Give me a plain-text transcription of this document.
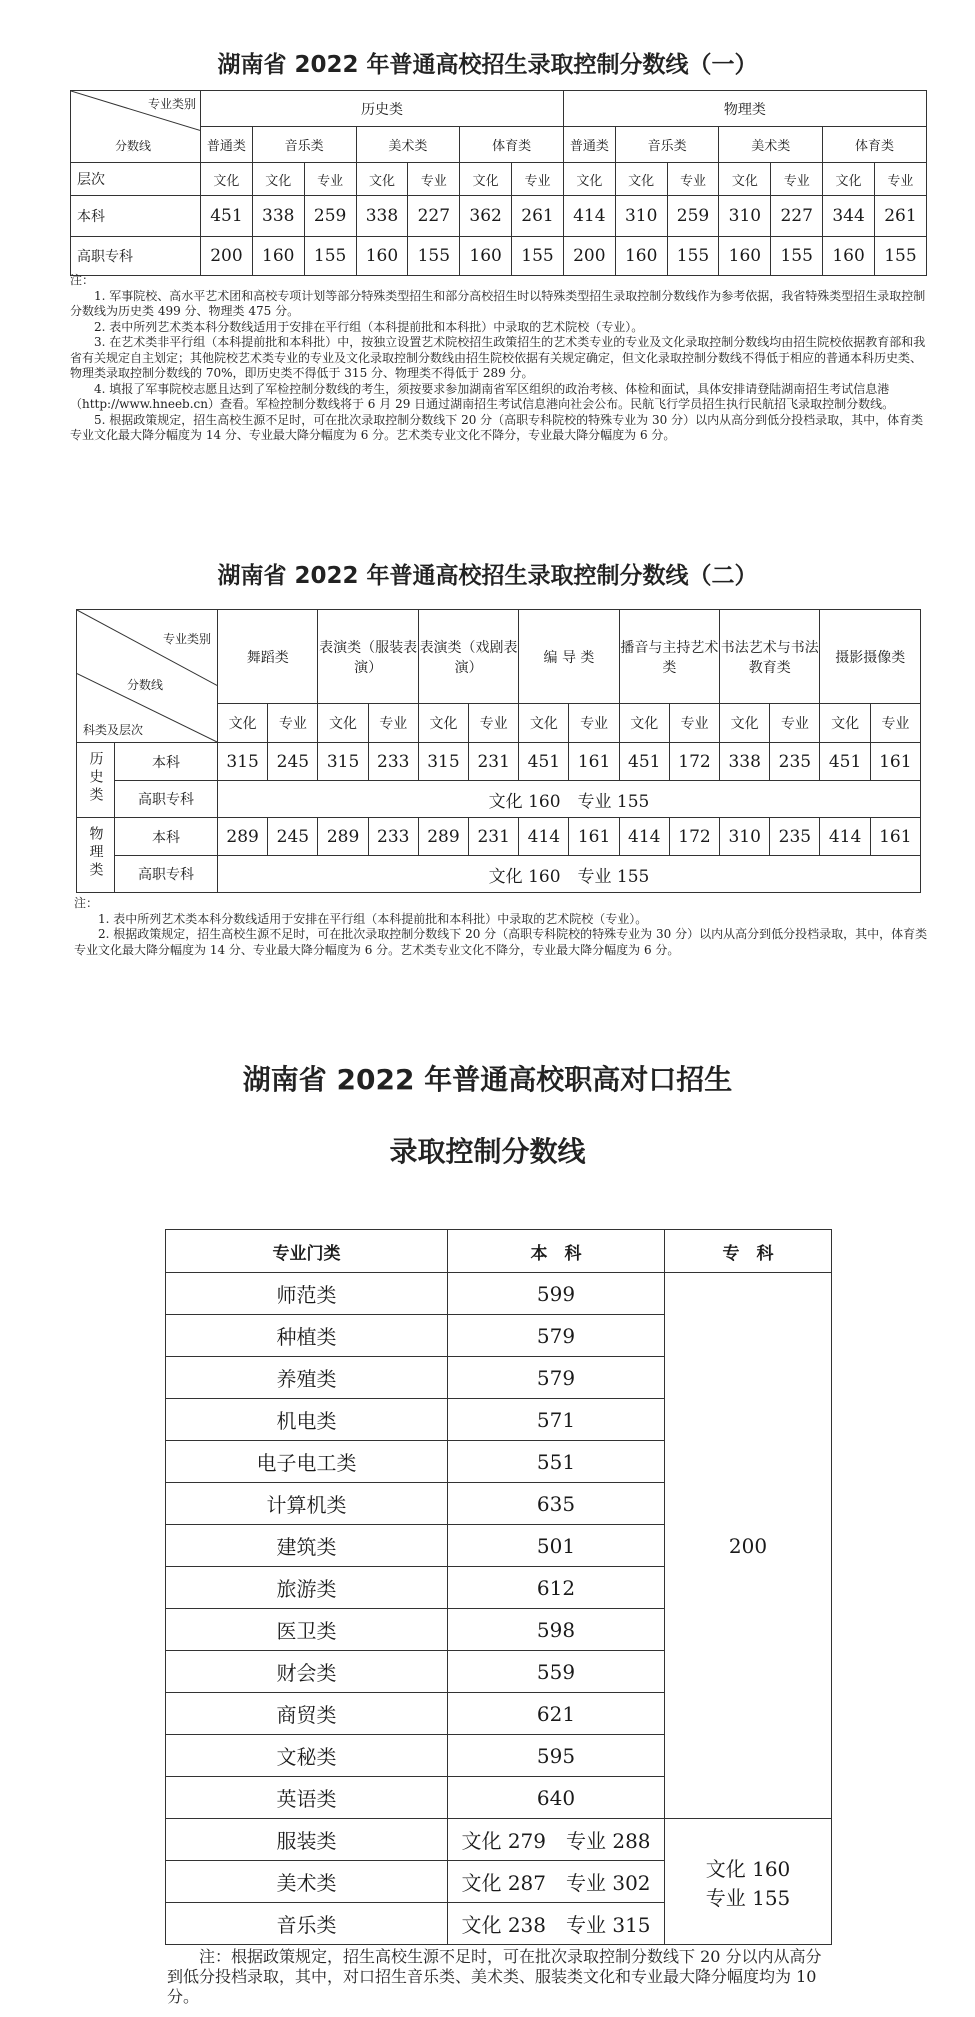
湖南省 2022 年普通高校招生录取控制分数线（一）
专业类别
分数线	历史类							物理类						
	普通类	音乐类		美术类		体育类		普通类	音乐类		美术类		体育类	
层次	文化	文化	专业	文化	专业	文化	专业	文化	文化	专业	文化	专业	文化	专业
本科	451	338	259	338	227	362	261	414	310	259	310	227	344	261
高职专科	200	160	155	160	155	160	155	200	160	155	160	155	160	155

注：

1. 军事院校、高水平艺术团和高校专项计划等部分特殊类型招生和部分高校招生时以特殊类型招生录取控制分数线作为参考依据，我省特殊类型招生录取控制分数线为历史类 499 分、物理类 475 分。

2. 表中所列艺术类本科分数线适用于安排在平行组（本科提前批和本科批）中录取的艺术院校（专业）。

3. 在艺术类非平行组（本科提前批和本科批）中，按独立设置艺术院校招生政策招生的艺术类专业的专业及文化录取控制分数线均由招生院校依据教育部和我省有关规定自主划定；其他院校艺术类专业的专业及文化录取控制分数线由招生院校依据有关规定确定，但文化录取控制分数线不得低于相应的普通本科历史类、物理类录取控制分数线的 70%，即历史类不得低于 315 分、物理类不得低于 289 分。

4. 填报了军事院校志愿且达到了军检控制分数线的考生，须按要求参加湖南省军区组织的政治考核、体检和面试，具体安排请登陆湖南招生考试信息港（http://www.hneeb.cn）查看。军检控制分数线将于 6 月 29 日通过湖南招生考试信息港向社会公布。民航飞行学员招生执行民航招飞录取控制分数线。

5. 根据政策规定，招生高校生源不足时，可在批次录取控制分数线下 20 分（高职专科院校的特殊专业为 30 分）以内从高分到低分投档录取，其中，体育类专业文化最大降分幅度为 14 分、专业最大降分幅度为 6 分。艺术类专业文化不降分，专业最大降分幅度为 6 分。

湖南省 2022 年普通高校招生录取控制分数线（二）
专业类别
分数线
科类及层次		舞蹈类		表演类（服装表演）		表演类（戏剧表演）		编 导 类		播音与主持艺术类		书法艺术与书法教育类		摄影摄像类	
		文化	专业	文化	专业	文化	专业	文化	专业	文化	专业	文化	专业	文化	专业
历史类	本科	315	245	315	233	315	231	451	161	451	172	338	235	451	161
	高职专科	文化 160　专业 155													
物理类	本科	289	245	289	233	289	231	414	161	414	172	310	235	414	161
	高职专科	文化 160　专业 155													

注：

1. 表中所列艺术类本科分数线适用于安排在平行组（本科提前批和本科批）中录取的艺术院校（专业）。

2. 根据政策规定，招生高校生源不足时，可在批次录取控制分数线下 20 分（高职专科院校的特殊专业为 30 分）以内从高分到低分投档录取，其中，体育类专业文化最大降分幅度为 14 分、专业最大降分幅度为 6 分。艺术类专业文化不降分，专业最大降分幅度为 6 分。

湖南省 2022 年普通高校职高对口招生
录取控制分数线
专业门类	本　科	专　科
师范类	599	200
种植类	579	
养殖类	579	
机电类	571	
电子电工类	551	
计算机类	635	
建筑类	501	
旅游类	612	
医卫类	598	
财会类	559	
商贸类	621	
文秘类	595	
英语类	640	
服装类	文化 279　专业 288	文化 160
专业 155

美术类	文化 287　专业 302	
音乐类	文化 238　专业 315	

注：根据政策规定，招生高校生源不足时，可在批次录取控制分数线下 20 分以内从高分到低分投档录取，其中，对口招生音乐类、美术类、服装类文化和专业最大降分幅度均为 10 分。
